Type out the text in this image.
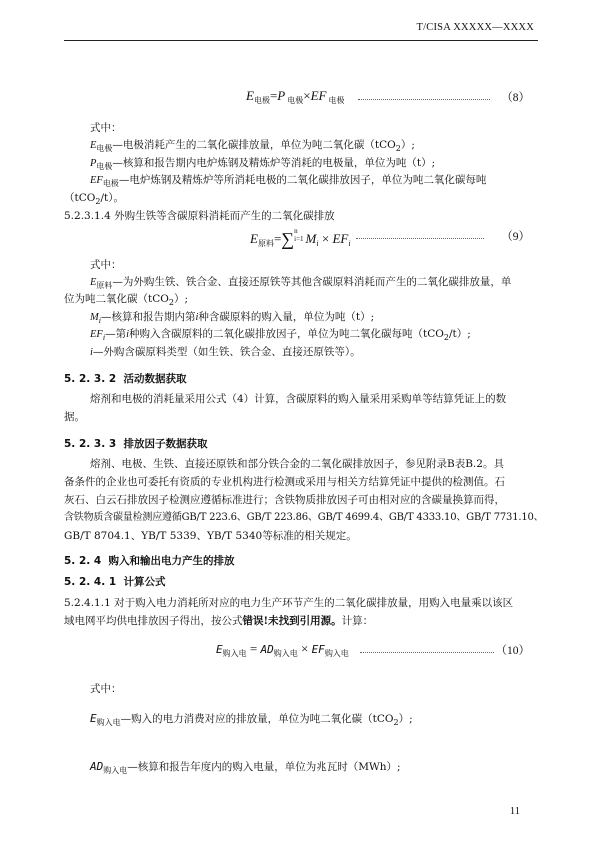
T/CISA XXXXX—XXXX
$E_{电极}=P$ $_{电极}$×EF $_{电极}$	（8）
式中：
$E_{电极}—$电极消耗产生的二氧化碳排放量，单位为吨二氧化碳（tCO$_2$）;
$P_{电极}—$核算和报告期内电炉炼钢及精炼炉等消耗的电极量，单位为吨（t）;
$EF_{电极}—$电炉炼钢及精炼炉等所消耗电极的二氧化碳排放因子，单位为吨二氧化碳每吨
（tCO$_2$/t）。
5.2.3.1.4 外购生铁等含碳原料消耗而产生的二氧化碳排放
$E_{原料}=\sum n$
i=1 $M_i \times EF_i$
（9）
式中：
$E_{原料}—$为外购生铁、铁合金、直接还原铁等其他含碳原料消耗而产生的二氧化碳排放量，单
位为吨二氧化碳（tCO$_2$）;
$M_i—$核算和报告期内第i种含碳原料的购入量，单位为吨（t）;
$EF_i—$第i种购入含碳原料的二氧化碳排放因子，单位为吨二氧化碳每吨（tCO$_2$/t）;
i—外购含碳原料类型（如生铁、铁合金、直接还原铁等）。
5. 2. 3. 2 活动数据获取
熔剂和电极的消耗量采用公式（4）计算，含碳原料的购入量采用采购单等结算凭证上的数
据。
5. 2. 3. 3 排放因子数据获取
熔剂、电极、生铁、直接还原铁和部分铁合金的二氧化碳排放因子，参见附录B表B.2。具
备条件的企业也可委托有资质的专业机构进行检测或采用与相关方结算凭证中提供的检测值。石
灰石、白云石排放因子检测应遵循标准进行；含铁物质排放因子可由相对应的含碳量换算而得，
含铁物质含碳量检测应遵循GB/T 223.6、GB/T 223.86、GB/T 4699.4、GB/T 4333.10、GB/T 7731.10、
GB/T 8704.1、YB/T 5339、YB/T 5340等标准的相关规定。
5. 2. 4 购入和输出电力产生的排放
5. 2. 4. 1 计算公式
5.2.4.1.1 对于购入电力消耗所对应的电力生产环节产生的二氧化碳排放量，用购入电量乘以该区
域电网平均供电排放因子得出，按公式错误!未找到引用源。计算：
$E_{购入电} = AD_{购入电} \times EF_{购入电}$	（10）
式中：
$E_{购入电}—$购入的电力消费对应的排放量，单位为吨二氧化碳（tCO$_2$）;
$AD_{购入电}—$核算和报告年度内的购入电量，单位为兆瓦时（MWh）;
11
